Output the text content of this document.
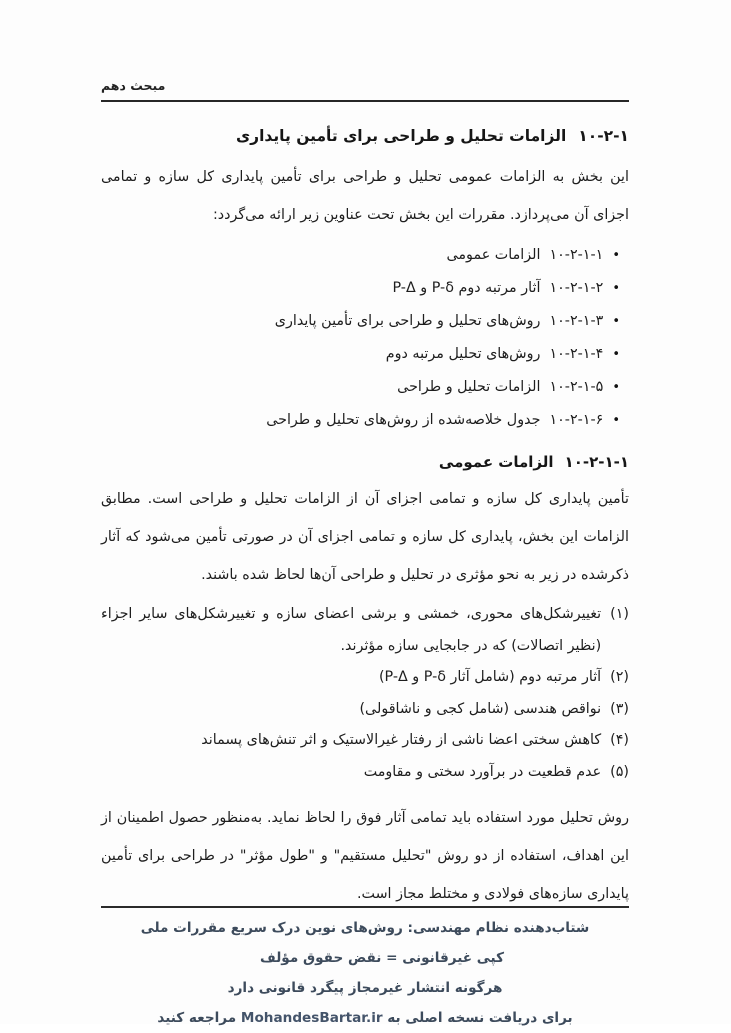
مبحث دهم
۱۰-۲-۱
الزامات تحلیل و طراحی برای تأمین پایداری

این بخش به الزامات عمومی تحلیل و طراحی برای تأمین پایداری کل سازه و تمامی اجزای آن می‌پردازد. مقررات این بخش تحت عناوین زیر ارائه می‌گردد:

•
۱۰-۲-۱-۱
الزامات عمومی
•
۱۰-۲-۱-۲
آثار مرتبه دوم P-δ و P-Δ
•
۱۰-۲-۱-۳
روش‌های تحلیل و طراحی برای تأمین پایداری
•
۱۰-۲-۱-۴
روش‌های تحلیل مرتبه دوم
•
۱۰-۲-۱-۵
الزامات تحلیل و طراحی
•
۱۰-۲-۱-۶
جدول خلاصه‌شده از روش‌های تحلیل و طراحی
۱۰-۲-۱-۱
الزامات عمومی

تأمین پایداری کل سازه و تمامی اجزای آن از الزامات تحلیل و طراحی است. مطابق الزامات این بخش، پایداری کل سازه و تمامی اجزای آن در صورتی تأمین می‌شود که آثار ذکرشده در زیر به نحو مؤثری در تحلیل و طراحی آن‌ها لحاظ شده باشند.

(۱)
تغییرشکل‌های محوری، خمشی و برشی اعضای سازه و تغییرشکل‌های سایر اجزاء (نظیر اتصالات) که در جابجایی سازه مؤثرند.
(۲)
آثار مرتبه دوم (شامل آثار P-δ و P-Δ)
(۳)
نواقص هندسی (شامل کجی و ناشاقولی)
(۴)
کاهش سختی اعضا ناشی از رفتار غیرالاستیک و اثر تنش‌های پسماند
(۵)
عدم قطعیت در برآورد سختی و مقاومت

روش تحلیل مورد استفاده باید تمامی آثار فوق را لحاظ نماید. به‌منظور حصول اطمینان از این اهداف، استفاده از دو روش "تحلیل مستقیم" و "طول مؤثر" در طراحی برای تأمین پایداری سازه‌های فولادی و مختلط مجاز است.

شتاب‌دهنده نظام مهندسی: روش‌های نوین درک سریع مقررات ملی
کپی غیرقانونی = نقض حقوق مؤلفهرگونه انتشار غیرمجاز پیگرد قانونی دارد
برای دریافت نسخه اصلی به MohandesBartar.ir مراجعه کنید
